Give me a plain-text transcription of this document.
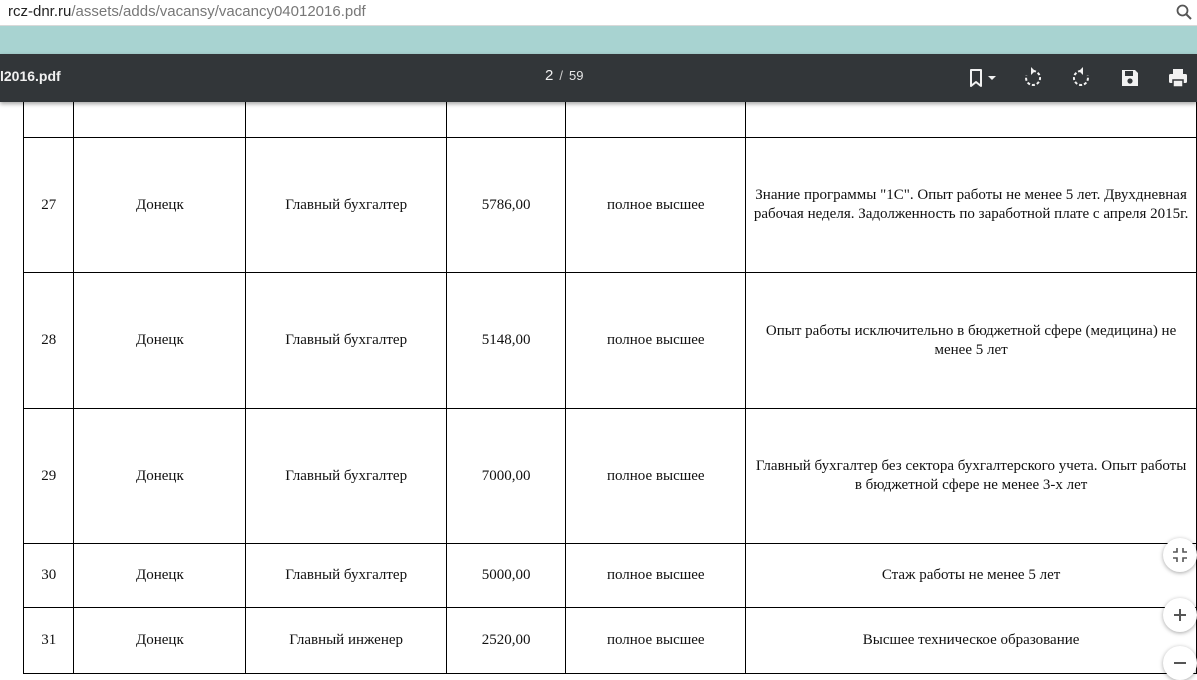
rcz-dnr.ru/assets/adds/vacansy/vacancy04012016.pdf
l2016.pdf	2 / 59

27	Донецк	Главный бухгалтер	5786,00	полное высшее	Знание программы "1С". Опыт работы не менее 5 лет. Двухдневная рабочая неделя. Задолженность по заработной плате с апреля 2015г.
28	Донецк	Главный бухгалтер	5148,00	полное высшее	Опыт работы исключительно в бюджетной сфере (медицина) не менее 5 лет
29	Донецк	Главный бухгалтер	7000,00	полное высшее	Главный бухгалтер без сектора бухгалтерского учета. Опыт работы в бюджетной сфере не менее 3-х лет
30	Донецк	Главный бухгалтер	5000,00	полное высшее	Стаж работы не менее 5 лет
31	Донецк	Главный инженер	2520,00	полное высшее	Высшее техническое образование
